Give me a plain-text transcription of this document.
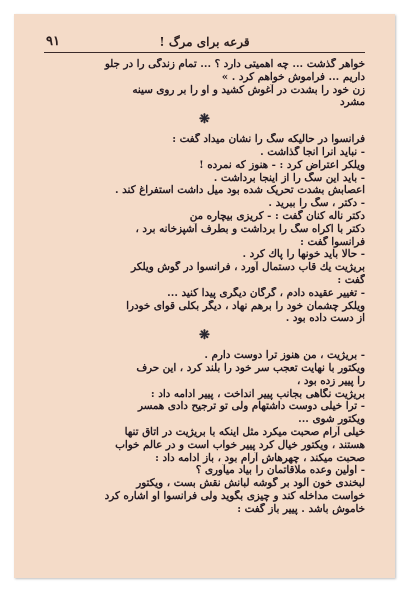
۹۱	قرعه برای مرگ !
خواهر گذشت ... چه اهمیتی دارد ؟ ... تمام زندگی را در جلو
داریم ... فراموش خواهم کرد . »
زن خود را بشدت در آغوش کشید و او را بر روی سینه
مشرد
❋
فرانسوا در حالیکه سگ را نشان میداد گفت :
- نباید انرا انجا گذاشت .
ویلکر اعتراض کرد : - هنوز که نمرده !
- باید این سگ را از اینجا برداشت .
اعصابش بشدت تحریک شده بود میل داشت استفراغ کند .
- دکتر ، سگ را ببرید .
دکتر ناله کنان گفت : - کریزی بیچاره من
دکتر با اکراه سگ را برداشت و بطرف آشپزخانه برد ،
فرانسوا گفت :
- حالا باید خونها را پاك کرد .
بریژیت یك قاب دستمال آورد ، فرانسوا در گوش ویلکر
گفت :
- تغییر عقیده دادم ، گرگان دیگری پیدا کنید ...
ویلکر چشمان خود را برهم نهاد ، دیگر بکلی قوای خودرا
از دست داده بود .
❋
- بریژیت ، من هنوز ترا دوست دارم .
ویکتور با نهایت تعجب سر خود را بلند کرد ، این حرف
را پییر زده بود ،
بریژیت نگاهی بجانب پییر انداخت ، پییر ادامه داد :
- ترا خیلی دوست داشتهام ولی تو ترجیح دادی همسر
ویکتور شوی ...
خیلی آرام صحبت میکرد مثل اینکه با بریژیت در اتاق تنها
هستند ، ویکتور خیال کرد پییر خواب است و در عالم خواب
صحبت میکند ، چهرهاش آرام بود ، باز ادامه داد :
- اولین وعده ملاقاتمان را بیاد میآوری ؟
لبخندی خون آلود بر گوشه لبانش نقش بست ، ویکتور
خواست مداخله کند و چیزی بگوید ولی فرانسوا او اشاره کرد
خاموش باشد . پییر باز گفت :
